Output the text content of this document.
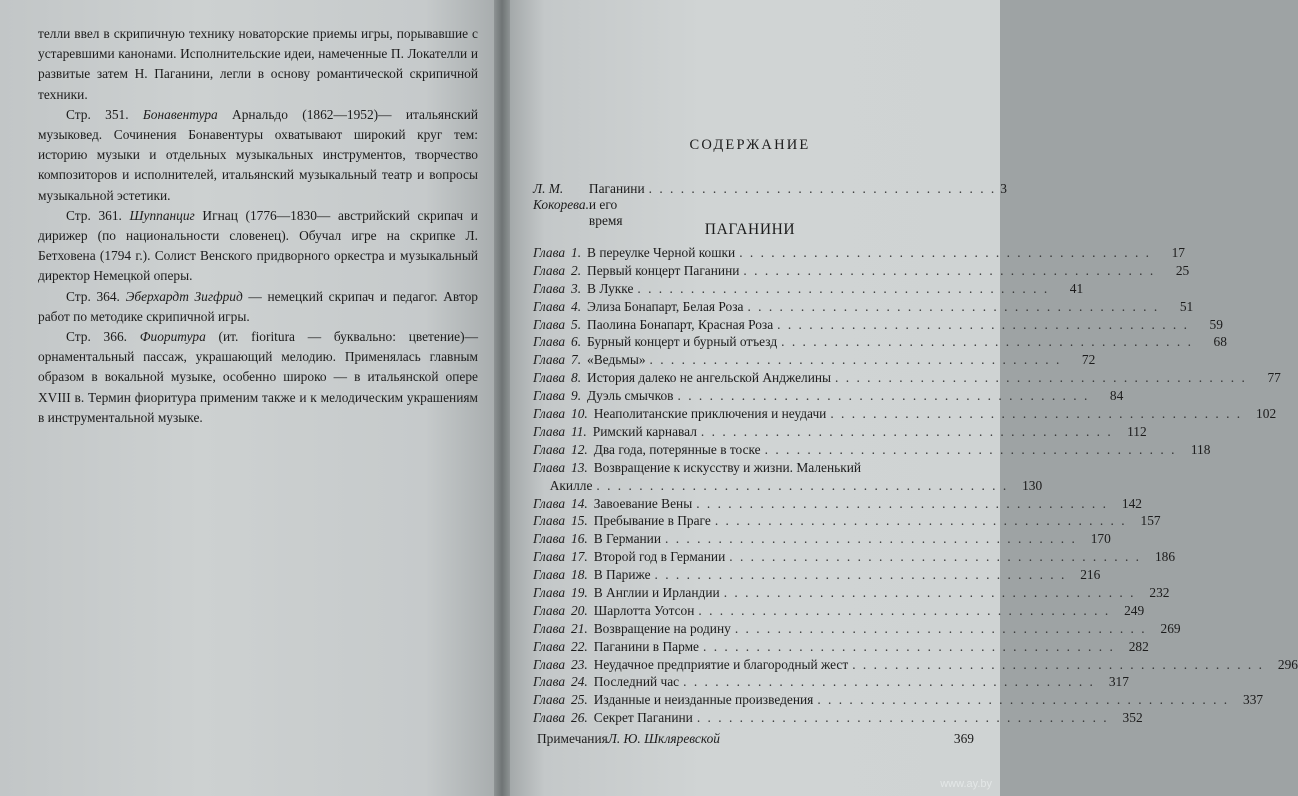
телли ввел в скрипичную технику новаторские приемы игры, порывавшие с устаревшими канонами. Исполнительские идеи, намеченные П. Локателли и развитые затем Н. Паганини, легли в основу романтической скрипичной техники.

Стр. 351. Бонавентура Арнальдо (1862—1952)— итальянский музыковед. Сочинения Бонавентуры охватывают широкий круг тем: историю музыки и отдельных музыкальных инструментов, творчество композиторов и исполнителей, итальянский музыкальный театр и вопросы музыкальной эстетики.

Стр. 361. Шуппанциг Игнац (1776—1830— австрийский скрипач и дирижер (по национальности словенец). Обучал игре на скрипке Л. Бетховена (1794 г.). Солист Венского придворного оркестра и музыкальный директор Немецкой оперы.

Стр. 364. Эберхардт Зигфрид — немецкий скрипач и педагог. Автор работ по методике скрипичной игры.

Стр. 366. Фиоритура (ит. fioritura — буквально: цветение)— орнаментальный пассаж, украшающий мелодию. Применялась главным образом в вокальной музыке, особенно широко — в итальянской опере XVIII в. Термин фиоритура применим также и к мелодическим украшениям в инструментальной музыке.

СОДЕРЖАНИЕ
Л. М. Кокорева.
Паганини и его время
. . . . . . . . . . . . . . . . . . . . . . . . . . . . . . . . . 3
ПАГАНИНИ
Глава 1. В переулке Черной кошки . . . . . . . . . . . . . . . . . . . . . . . . . . . . . . . . . . . . . . .	17
Глава 2. Первый концерт Паганини . . . . . . . . . . . . . . . . . . . . . . . . . . . . . . . . . . . . . . .	25
Глава 3. В Лукке . . . . . . . . . . . . . . . . . . . . . . . . . . . . . . . . . . . . . . .	41
Глава 4. Элиза Бонапарт, Белая Роза . . . . . . . . . . . . . . . . . . . . . . . . . . . . . . . . . . . . . . .	51
Глава 5. Паолина Бонапарт, Красная Роза . . . . . . . . . . . . . . . . . . . . . . . . . . . . . . . . . . . . . . .	59
Глава 6. Бурный концерт и бурный отъезд . . . . . . . . . . . . . . . . . . . . . . . . . . . . . . . . . . . . . . .	68
Глава 7. «Ведьмы» . . . . . . . . . . . . . . . . . . . . . . . . . . . . . . . . . . . . . . .	72
Глава 8. История далеко не ангельской Анджелины . . . . . . . . . . . . . . . . . . . . . . . . . . . . . . . . . . . . . . .	77
Глава 9. Дуэль смычков . . . . . . . . . . . . . . . . . . . . . . . . . . . . . . . . . . . . . . .	84
Глава 10. Неаполитанские приключения и неудачи . . . . . . . . . . . . . . . . . . . . . . . . . . . . . . . . . . . . . . .	102
Глава 11. Римский карнавал . . . . . . . . . . . . . . . . . . . . . . . . . . . . . . . . . . . . . . .	112
Глава 12. Два года, потерянные в тоске . . . . . . . . . . . . . . . . . . . . . . . . . . . . . . . . . . . . . . .	118
Глава 13. Возвращение к искусству и жизни. Маленький
Акилле . . . . . . . . . . . . . . . . . . . . . . . . . . . . . . . . . . . . . . .	130
Глава 14. Завоевание Вены . . . . . . . . . . . . . . . . . . . . . . . . . . . . . . . . . . . . . . .	142
Глава 15. Пребывание в Праге . . . . . . . . . . . . . . . . . . . . . . . . . . . . . . . . . . . . . . .	157
Глава 16. В Германии . . . . . . . . . . . . . . . . . . . . . . . . . . . . . . . . . . . . . . .	170
Глава 17. Второй год в Германии . . . . . . . . . . . . . . . . . . . . . . . . . . . . . . . . . . . . . . .	186
Глава 18. В Париже . . . . . . . . . . . . . . . . . . . . . . . . . . . . . . . . . . . . . . .	216
Глава 19. В Англии и Ирландии . . . . . . . . . . . . . . . . . . . . . . . . . . . . . . . . . . . . . . .	232
Глава 20. Шарлотта Уотсон . . . . . . . . . . . . . . . . . . . . . . . . . . . . . . . . . . . . . . .	249
Глава 21. Возвращение на родину . . . . . . . . . . . . . . . . . . . . . . . . . . . . . . . . . . . . . . .	269
Глава 22. Паганини в Парме . . . . . . . . . . . . . . . . . . . . . . . . . . . . . . . . . . . . . . .	282
Глава 23. Неудачное предприятие и благородный жест . . . . . . . . . . . . . . . . . . . . . . . . . . . . . . . . . . . . . . .	296
Глава 24. Последний час . . . . . . . . . . . . . . . . . . . . . . . . . . . . . . . . . . . . . . .	317
Глава 25. Изданные и неизданные произведения . . . . . . . . . . . . . . . . . . . . . . . . . . . . . . . . . . . . . . .	337
Глава 26. Секрет Паганини . . . . . . . . . . . . . . . . . . . . . . . . . . . . . . . . . . . . . . .	352
Примечания Л. Ю. Шкляревской	369
www.ay.by
